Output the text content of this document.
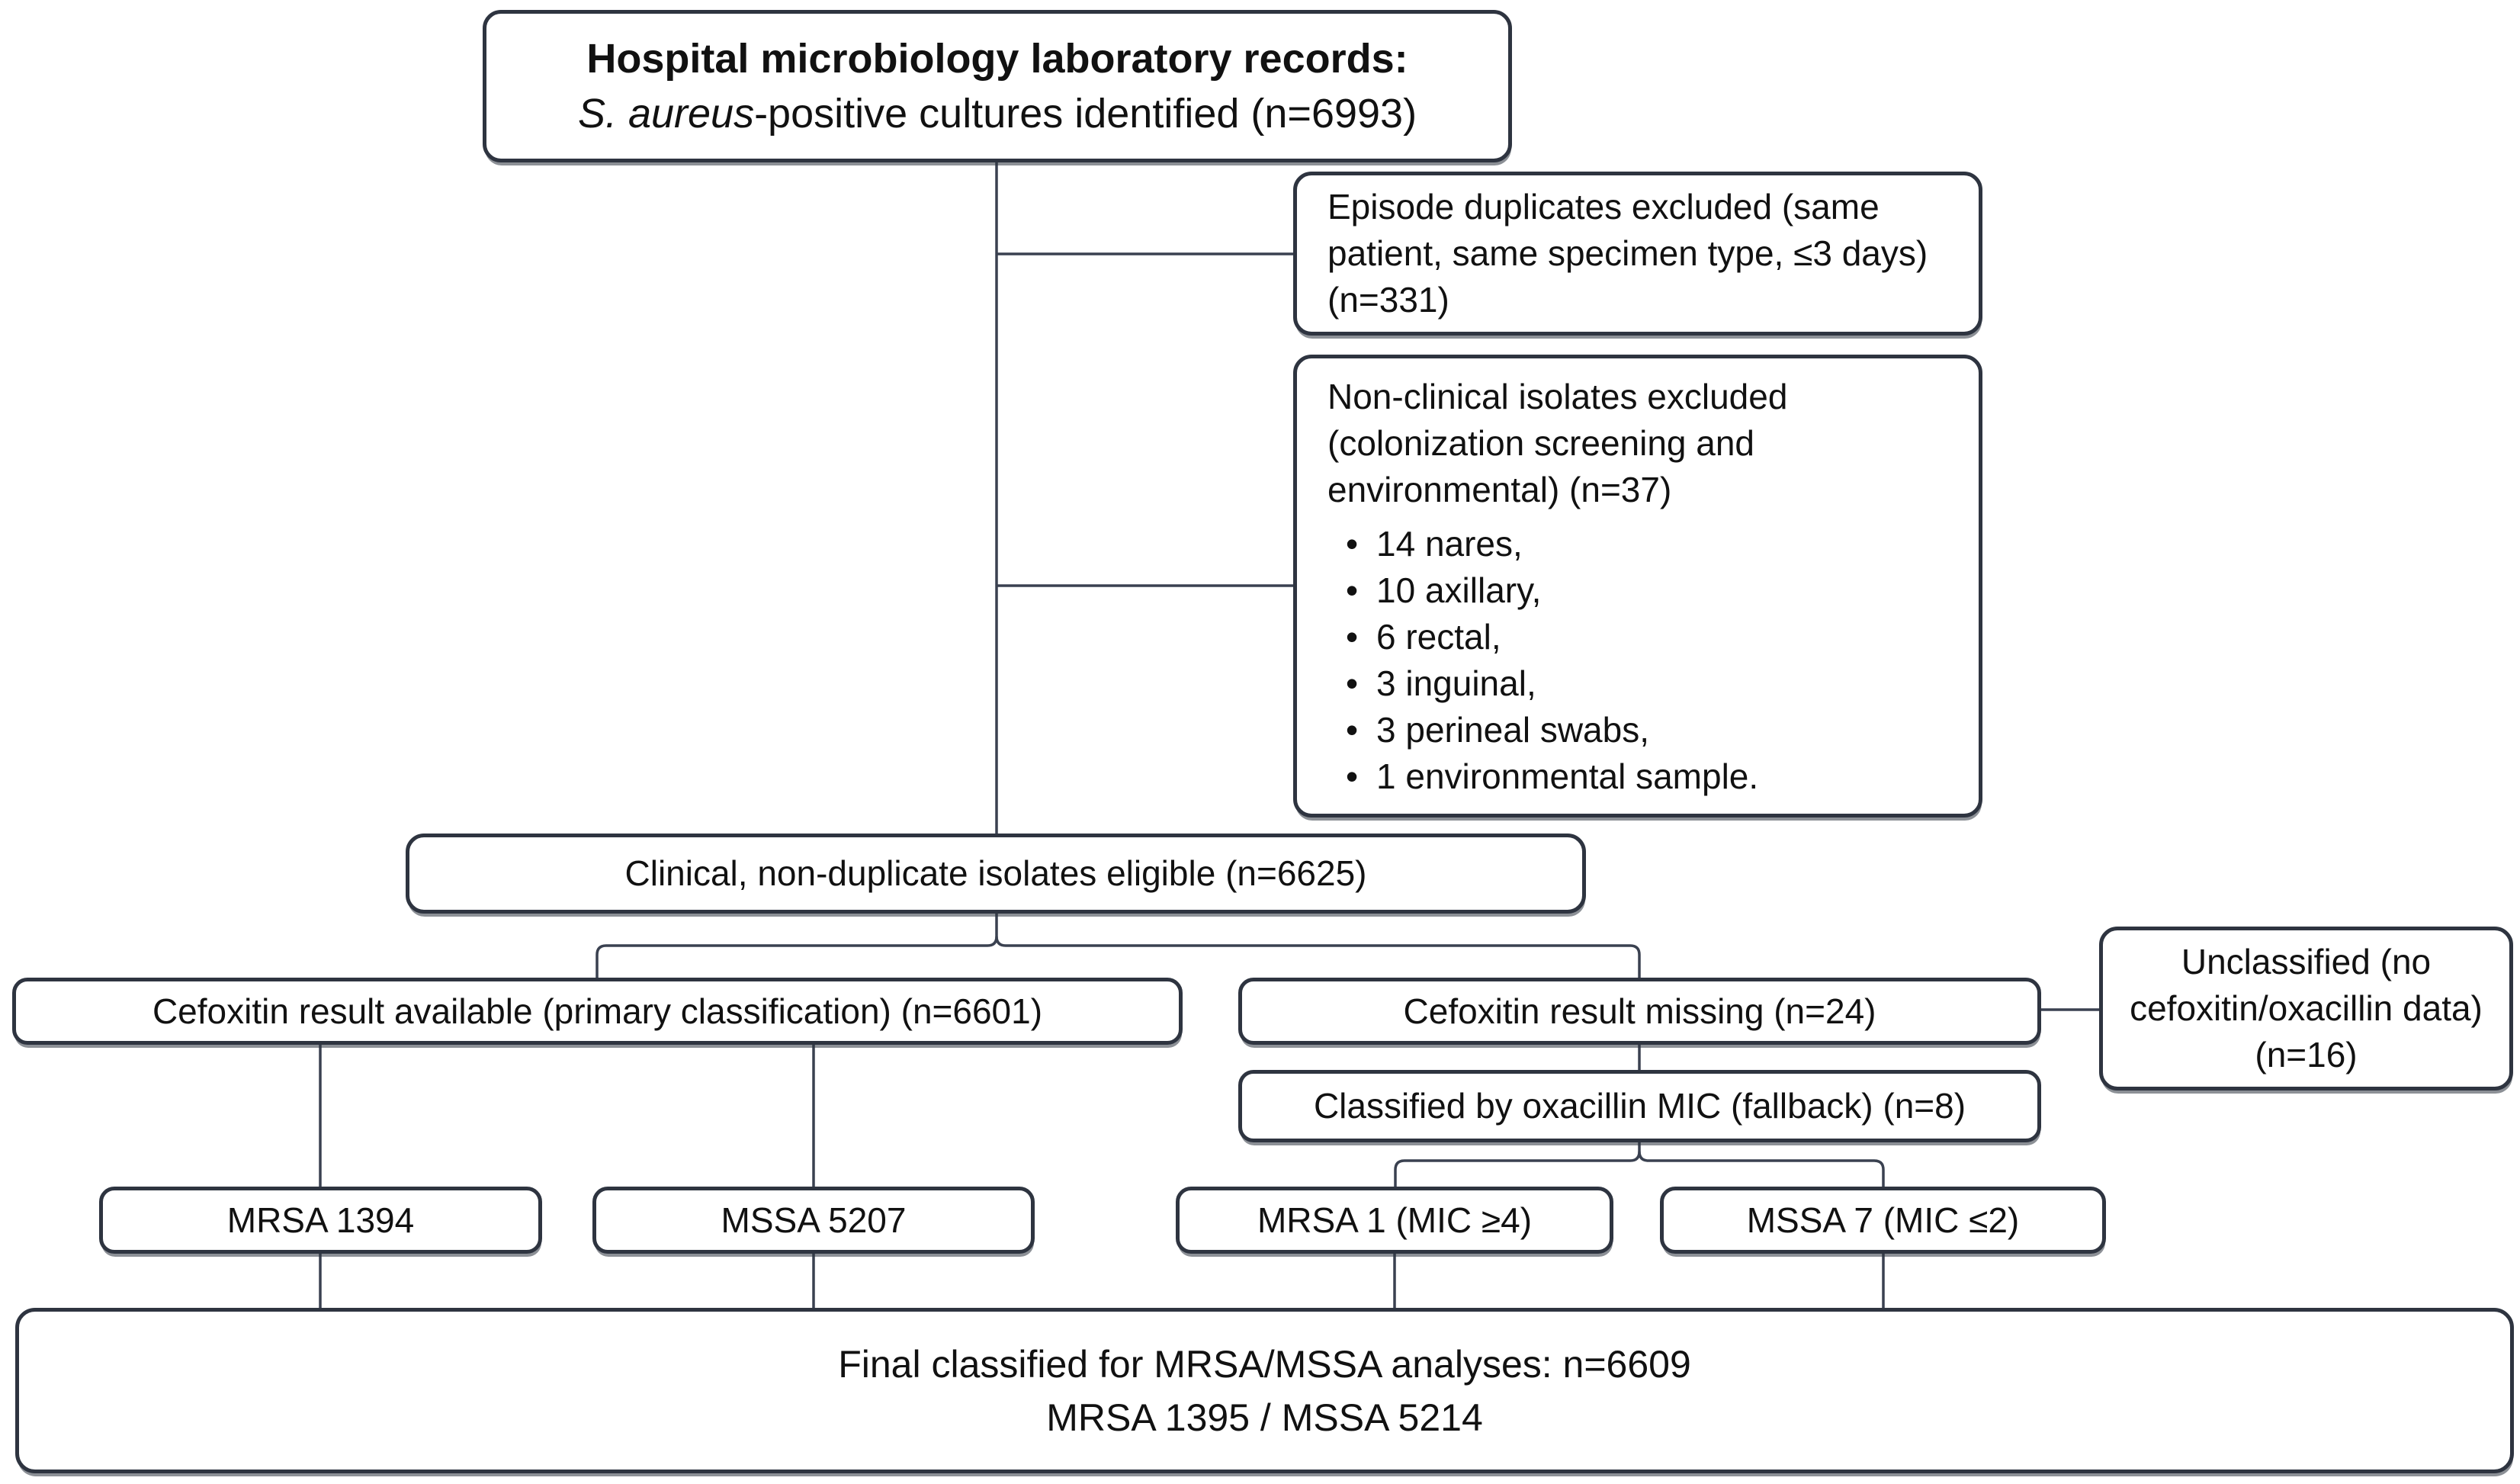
Hospital microbiology laboratory records:
S. aureus-positive cultures identified (n=6993)
Episode duplicates excluded (same patient, same specimen type, ≤3 days) (n=331)
Non-clinical isolates excluded (colonization screening and environmental) (n=37)
• 14 nares,
• 10 axillary,
• 6 rectal,
• 3 inguinal,
• 3 perineal swabs,
• 1 environmental sample.
Clinical, non-duplicate isolates eligible (n=6625)
Cefoxitin result available (primary classification) (n=6601)	Cefoxitin result missing (n=24)
Unclassified (no cefoxitin/oxacillin data) (n=16)
Classified by oxacillin MIC (fallback) (n=8)
MRSA 1394	MSSA 5207	MRSA 1 (MIC ≥4)	MSSA 7 (MIC ≤2)
Final classified for MRSA/MSSA analyses: n=6609
MRSA 1395 / MSSA 5214
